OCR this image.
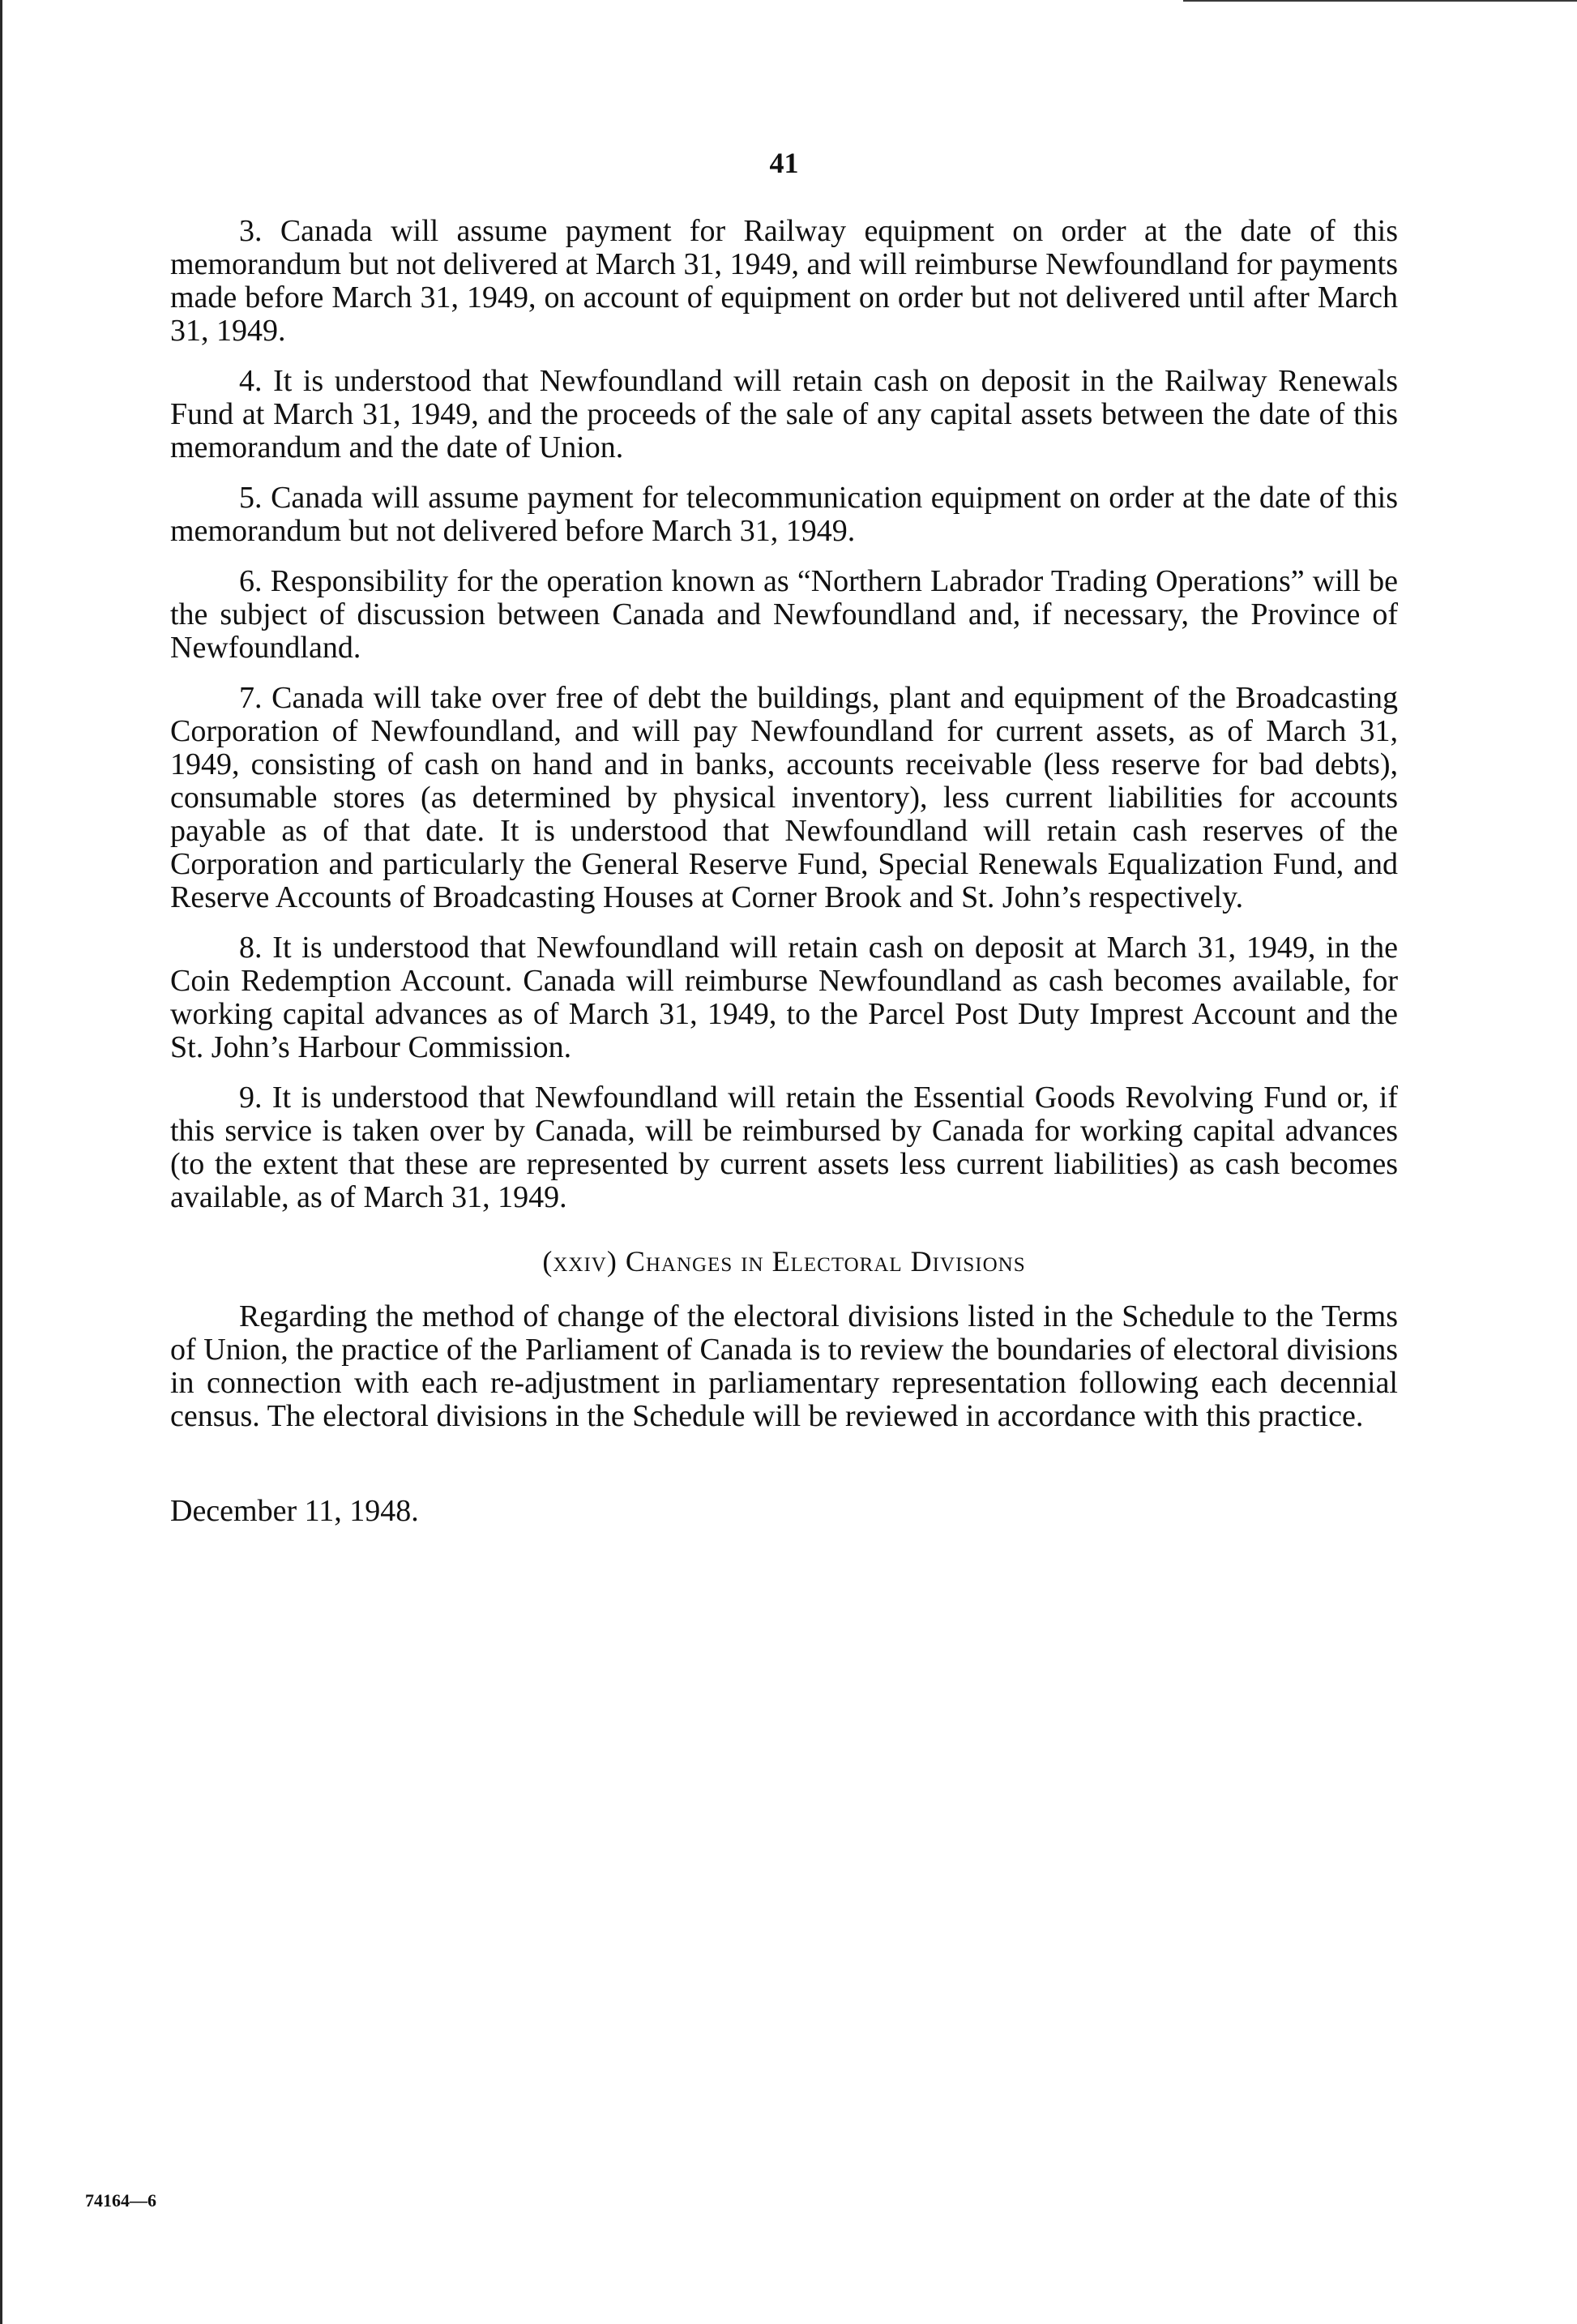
41

3. Canada will assume payment for Railway equipment on order at the date of this memorandum but not delivered at March 31, 1949, and will reimburse Newfoundland for payments made before March 31, 1949, on account of equipment on order but not delivered until after March 31, 1949.

4. It is understood that Newfoundland will retain cash on deposit in the Railway Renewals Fund at March 31, 1949, and the proceeds of the sale of any capital assets between the date of this memorandum and the date of Union.

5. Canada will assume payment for telecommunication equipment on order at the date of this memorandum but not delivered before March 31, 1949.

6. Responsibility for the operation known as “Northern Labrador Trading Operations” will be the subject of discussion between Canada and Newfoundland and, if necessary, the Province of Newfoundland.

7. Canada will take over free of debt the buildings, plant and equipment of the Broadcasting Corporation of Newfoundland, and will pay Newfoundland for current assets, as of March 31, 1949, consisting of cash on hand and in banks, accounts receivable (less reserve for bad debts), consumable stores (as determined by physical inventory), less current liabilities for accounts payable as of that date. It is understood that Newfoundland will retain cash reserves of the Corporation and particularly the General Reserve Fund, Special Renewals Equalization Fund, and Reserve Accounts of Broadcasting Houses at Corner Brook and St. John’s respectively.

8. It is understood that Newfoundland will retain cash on deposit at March 31, 1949, in the Coin Redemption Account. Canada will reimburse Newfoundland as cash becomes available, for working capital advances as of March 31, 1949, to the Parcel Post Duty Imprest Account and the St. John’s Harbour Commission.

9. It is understood that Newfoundland will retain the Essential Goods Revolving Fund or, if this service is taken over by Canada, will be reimbursed by Canada for working capital advances (to the extent that these are represented by current assets less current liabilities) as cash becomes available, as of March 31, 1949.

(xxiv) Changes in Electoral Divisions

Regarding the method of change of the electoral divisions listed in the Schedule to the Terms of Union, the practice of the Parliament of Canada is to review the boundaries of electoral divisions in connection with each re-adjustment in parliamentary representation following each decennial census. The electoral divisions in the Schedule will be reviewed in accordance with this practice.

December 11, 1948.

74164—6
